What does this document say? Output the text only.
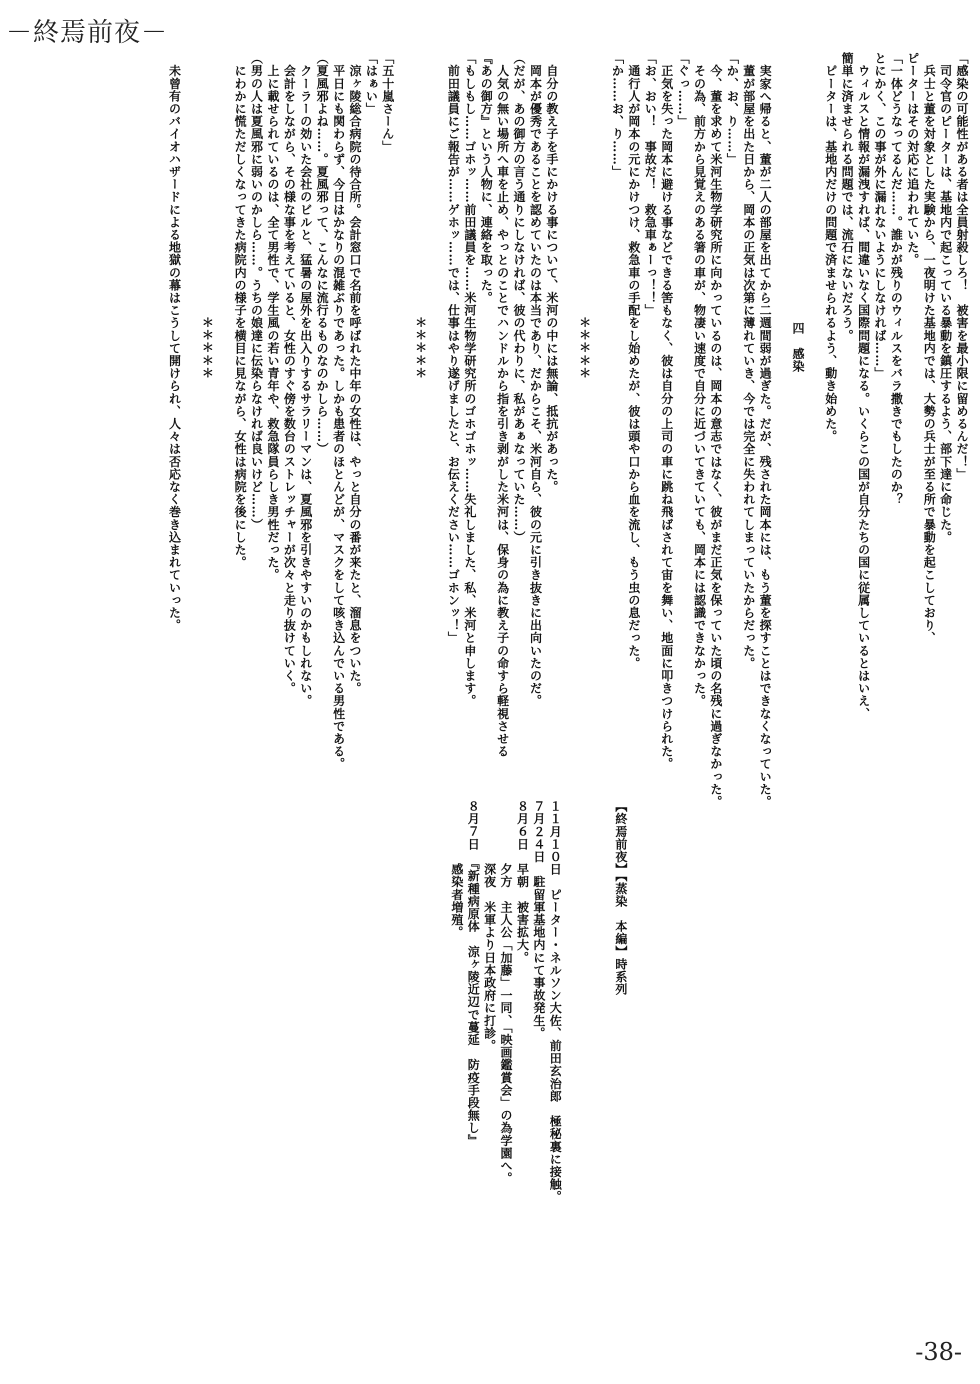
－終焉前夜－
「感染の可能性がある者は全員射殺しろ！　被害を最小限に留めるんだ！」
　司令官のピーターは、基地内で起こっている暴動を鎮圧するよう、部下達に命じた。
　兵士と董を対象とした実験から、一夜明けた基地内では、大勢の兵士が至る所で暴動を起こしており、
ピーターはその対応に追われていた。
「一体どうなってるんだ……。誰かが残りのウィルスをバラ撒きでもしたのか？
とにかく、この事が外に漏れないようにしなければ……」
　ウィルスと情報が漏洩すれば、間違いなく国際問題になる。いくらこの国が自分たちの国に従属しているとはいえ、
簡単に済ませられる問題では、流石にないだろう。
　ピーターは、基地内だけの問題で済ませられるよう、動き始めた。

四　感染

　実家へ帰ると、董が二人の部屋を出てから二週間弱が過ぎた。だが、残された岡本には、もう董を探すことはできなくなっていた。
　董が部屋を出た日から、岡本の正気は次第に薄れていき、今では完全に失われてしまっていたからだった。
「か、お、り……」
　今、董を求めて米河生物学研究所に向かっているのは、岡本の意志ではなく、彼がまだ正気を保っていた頃の名残に過ぎなかった。
　その為、前方から見覚えのある箸の車が、物凄い速度で自分に近づいてきていても、岡本には認識できなかった。
「ぐっ……」
　正気を失った岡本に避ける事などできる筈もなく、彼は自分の上司の車に跳ね飛ばされて宙を舞い、地面に叩きつけられた。
「お、おい！　事故だ！　救急車ぁーっ！！」
　通行人が岡本の元にかけつけ、救急車の手配をし始めたが、彼は頭や口から血を流し、もう虫の息だった。
「か……お、り……」

＊＊＊＊＊

　自分の教え子を手にかける事について、米河の中には無論、抵抗があった。
　岡本が優秀であることを認めていたのは本当であり、だからこそ、米河自ら、彼の元に引き抜きに出向いたのだ。
（だが、あの御方の言う通りにしなければ、彼の代わりに、私があぁなっていた……）
　人気の無い場所へ車を止め、やっとのことでハンドルから指を引き剥がした米河は、保身の為に教え子の命すら軽視させる
『あの御方』という人物に、連絡を取った。
「もしもし……ゴホッ……前田議員を……米河生物学研究所のゴホゴホッ……失礼しました、私、米河と申します。
　前田議員にご報告が……ゲホッ……では、仕事はやり遂げましたと、お伝えください……ゴホンッ！」

＊＊＊＊＊

「五十嵐さーん」
「はぁい」
　涼ヶ陵総合病院の待合所。会計窓口で名前を呼ばれた中年の女性は、やっと自分の番が来たと、溜息をついた。
　平日にも関わらず、今日はかなりの混雑ぶりであった。しかも患者のほとんどが、マスクをして咳き込んでいる男性である。
（夏風邪よね……。夏風邪って、こんなに流行るものなのかしら……）
　クーラーの効いた会社のビルと、猛暑の屋外を出入りするサラリーマンは、夏風邪を引きやすいのかもしれない。
　会計をしながら、その様な事を考えていると、女性のすぐ傍を数台のストレッチャーが次々と走り抜けていく。
　上に載せられているのは、全て男性で、学生風の若い青年や、救急隊員らしき男性だった。
（男の人は夏風邪に弱いのかしら……。うちの娘達に伝染らなければ良いけど……）
　にわかに慌ただしくなってきた病院内の様子を横目に見ながら、女性は病院を後にした。

＊＊＊＊＊

　未曾有のバイオハザードによる地獄の幕はこうして開けられ、人々は否応なく巻き込まれていった。

【終焉前夜】【蒸染　本編】時系列

１１月１０日　ピーター・ネルソン大佐、前田玄治郎　極秘裏に接触。
７月２４日　駐留軍基地内にて事故発生。
８月６日　早朝　被害拡大。
　　　　　夕方　主人公「加藤」一同、「映画鑑賞会」の為学園へ。
　　　　　深夜　米軍より日本政府に打診。
８月７日　『新種病原体　涼ヶ陵近辺で蔓延　防疫手段無し』
　　　　　感染者増殖。

-38-
